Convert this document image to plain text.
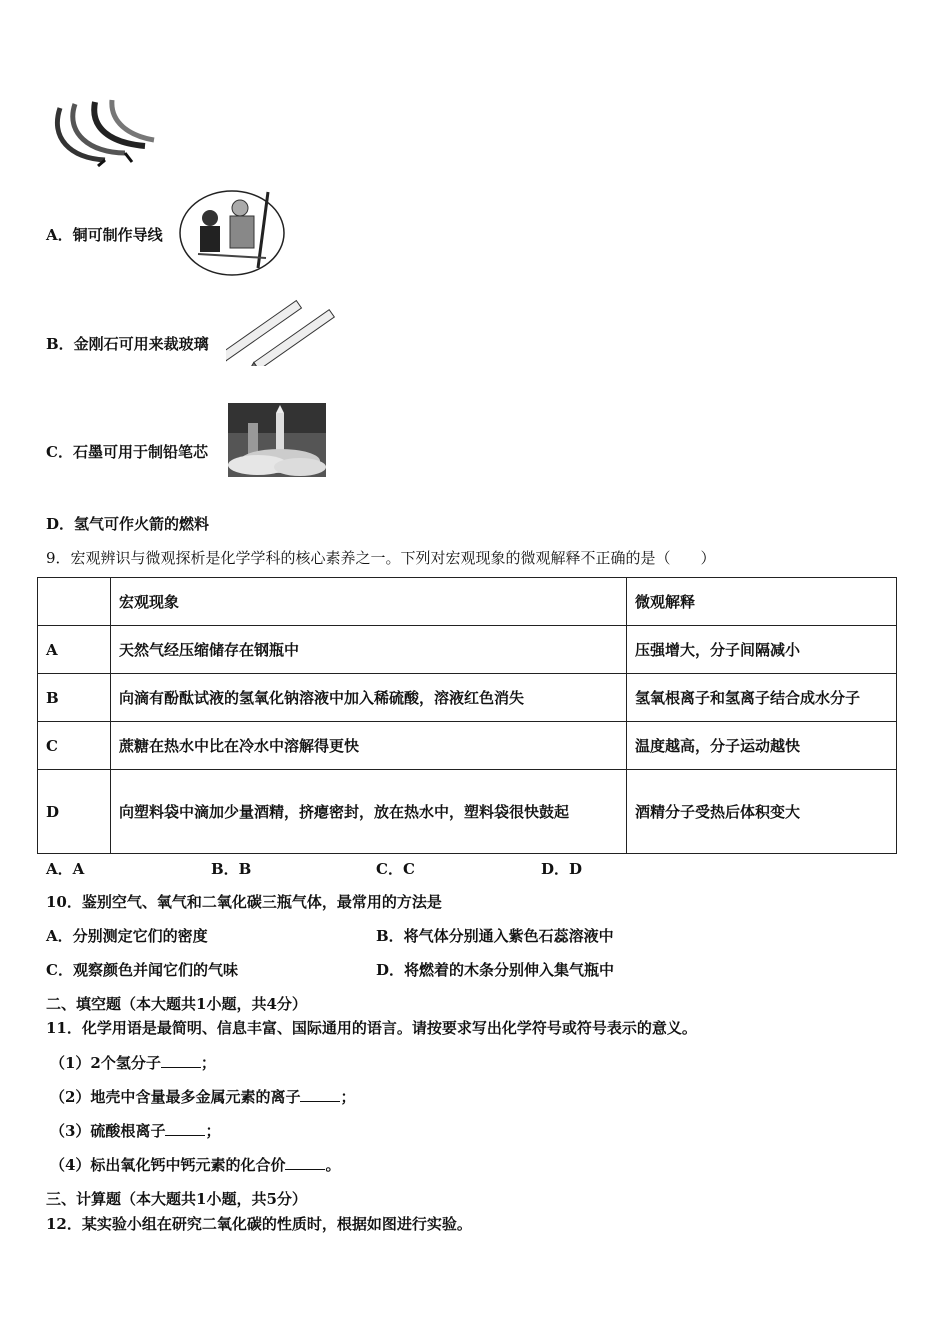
A．铜可制作导线
B．金刚石可用来裁玻璃
C．石墨可用于制铅笔芯
D．氢气可作火箭的燃料
9．宏观辨识与微观探析是化学学科的核心素养之一。下列对宏观现象的微观解释不正确的是（　　）
	宏观现象	微观解释
A	天然气经压缩储存在钢瓶中	压强增大，分子间隔减小
B	向滴有酚酞试液的氢氧化钠溶液中加入稀硫酸，溶液红色消失	氢氧根离子和氢离子结合成水分子
C	蔗糖在热水中比在冷水中溶解得更快	温度越高，分子运动越快
D	向塑料袋中滴加少量酒精，挤瘪密封，放在热水中，塑料袋很快鼓起	酒精分子受热后体积变大
A．A	B．B	C．C	D．D
10．鉴别空气、氧气和二氧化碳三瓶气体，最常用的方法是
A．分别测定它们的密度	B．将气体分别通入紫色石蕊溶液中
C．观察颜色并闻它们的气味	D．将燃着的木条分别伸入集气瓶中
二、填空题（本大题共1小题，共4分）
11．化学用语是最简明、信息丰富、国际通用的语言。请按要求写出化学符号或符号表示的意义。
（1）2个氢分子	；
（2）地壳中含量最多金属元素的离子	；
（3）硫酸根离子	；
（4）标出氧化钙中钙元素的化合价	。
三、计算题（本大题共1小题，共5分）
12．某实验小组在研究二氧化碳的性质时，根据如图进行实验。
